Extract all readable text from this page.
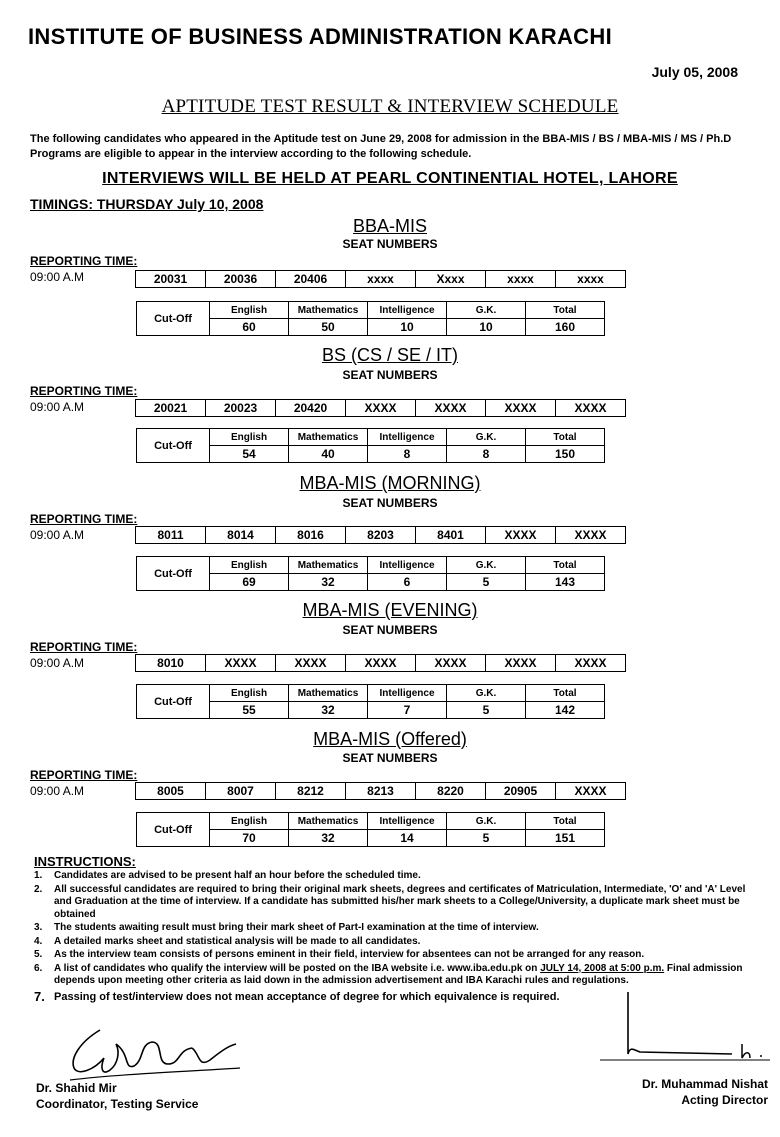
INSTITUTE OF BUSINESS ADMINISTRATION KARACHI
July 05, 2008
APTITUDE TEST RESULT & INTERVIEW SCHEDULE
The following candidates who appeared in the Aptitude test on June 29, 2008 for admission in the BBA-MIS / BS / MBA-MIS / MS / Ph.D Programs are eligible to appear in the interview according to the following schedule.
INTERVIEWS WILL BE HELD AT PEARL CONTINENTIAL HOTEL, LAHORE
TIMINGS: THURSDAY July 10, 2008
BBA-MIS
SEAT NUMBERS
REPORTING TIME:
09:00 A.M	20031	20036	20406	xxxx	Xxxx	xxxx	xxxx
Cut-Off	English	Mathematics	Intelligence	G.K.	Total
	60	50	10	10	160
BS (CS / SE / IT)
SEAT NUMBERS
REPORTING TIME:
09:00 A.M	20021	20023	20420	XXXX	XXXX	XXXX	XXXX
Cut-Off	English	Mathematics	Intelligence	G.K.	Total
	54	40	8	8	150
MBA-MIS (MORNING)
SEAT NUMBERS
REPORTING TIME:
09:00 A.M	8011	8014	8016	8203	8401	XXXX	XXXX
Cut-Off	English	Mathematics	Intelligence	G.K.	Total
	69	32	6	5	143
MBA-MIS (EVENING)
SEAT NUMBERS
REPORTING TIME:
09:00 A.M	8010	XXXX	XXXX	XXXX	XXXX	XXXX	XXXX
Cut-Off	English	Mathematics	Intelligence	G.K.	Total
	55	32	7	5	142
MBA-MIS (Offered)
SEAT NUMBERS
REPORTING TIME:
09:00 A.M	8005	8007	8212	8213	8220	20905	XXXX
Cut-Off	English	Mathematics	Intelligence	G.K.	Total
	70	32	14	5	151
INSTRUCTIONS:
1. Candidates are advised to be present half an hour before the scheduled time.
2. All successful candidates are required to bring their original mark sheets, degrees and certificates of Matriculation, Intermediate, 'O' and 'A' Level and Graduation at the time of interview. If a candidate has submitted his/her mark sheets to a College/University, a duplicate mark sheet must be obtained
3. The students awaiting result must bring their mark sheet of Part-I examination at the time of interview.
4. A detailed marks sheet and statistical analysis will be made to all candidates.
5. As the interview team consists of persons eminent in their field, interview for absentees can not be arranged for any reason.
6. A list of candidates who qualify the interview will be posted on the IBA website i.e. www.iba.edu.pk on JULY 14, 2008 at 5:00 p.m. Final admission depends upon meeting other criteria as laid down in the admission advertisement and IBA Karachi rules and regulations.
7. Passing of test/interview does not mean acceptance of degree for which equivalence is required.
Dr. Shahid Mir
Coordinator, Testing Service
Dr. Muhammad Nishat
Acting Director
